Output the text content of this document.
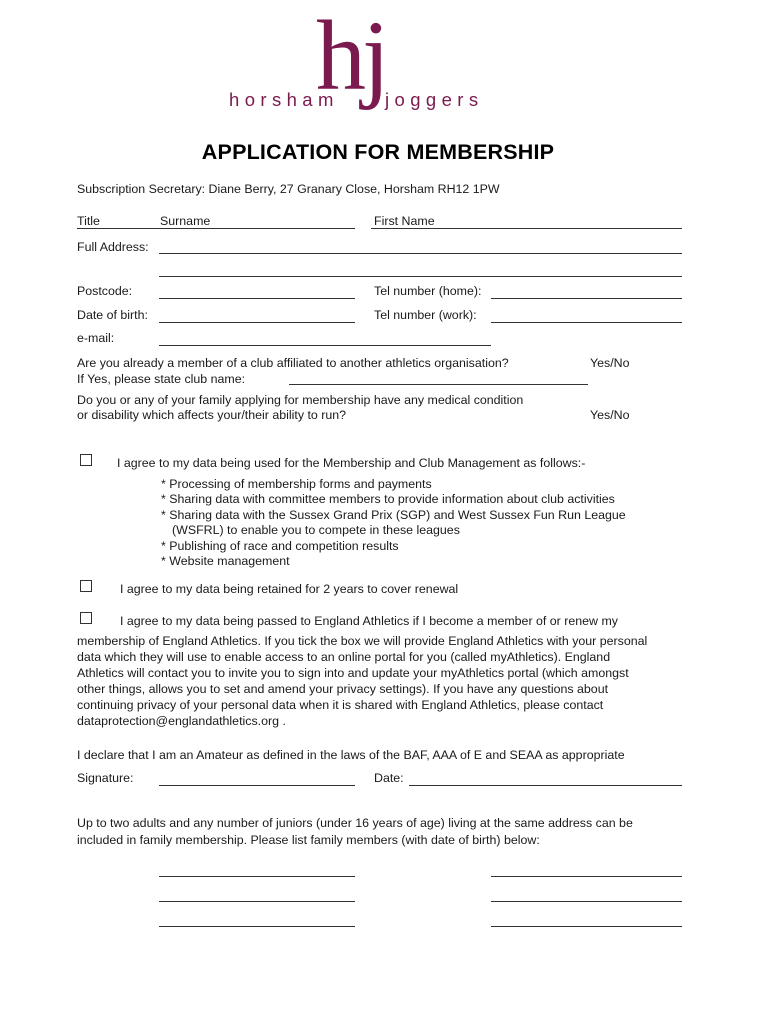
hj
horsham joggers
APPLICATION FOR MEMBERSHIP
Subscription Secretary: Diane Berry, 27 Granary Close, Horsham RH12 1PW
Title	Surname	First Name
Full Address:
Postcode:	Tel number (home):
Date of birth:	Tel number (work):
e-mail:
Are you already a member of a club affiliated to another athletics organisation?	Yes/No
If Yes, please state club name:
Do you or any of your family applying for membership have any medical condition
or disability which affects your/their ability to run?	Yes/No
I agree to my data being used for the Membership and Club Management as follows:-
* Processing of membership forms and payments
* Sharing data with committee members to provide information about club activities
* Sharing data with the Sussex Grand Prix (SGP) and West Sussex Fun Run League
(WSFRL) to enable you to compete in these leagues
* Publishing of race and competition results
* Website management
I agree to my data being retained for 2 years to cover renewal
I agree to my data being passed to England Athletics if I become a member of or renew my
membership of England Athletics. If you tick the box we will provide England Athletics with your personal
data which they will use to enable access to an online portal for you (called myAthletics). England
Athletics will contact you to invite you to sign into and update your myAthletics portal (which amongst
other things, allows you to set and amend your privacy settings). If you have any questions about
continuing privacy of your personal data when it is shared with England Athletics, please contact
dataprotection@englandathletics.org .
I declare that I am an Amateur as defined in the laws of the BAF, AAA of E and SEAA as appropriate
Signature:	Date:
Up to two adults and any number of juniors (under 16 years of age) living at the same address can be
included in family membership. Please list family members (with date of birth) below:
